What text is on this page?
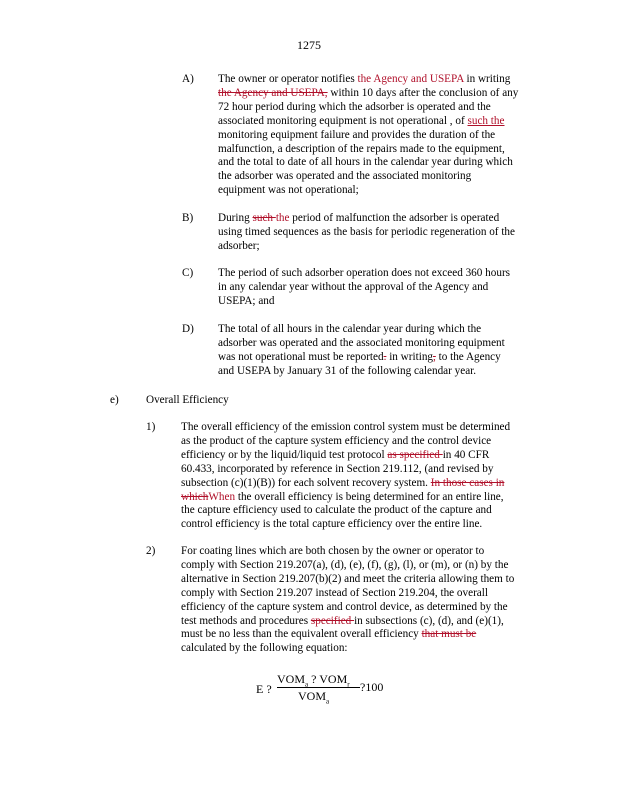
1275
A) The owner or operator notifies the Agency and USEPA in writing
the Agency and USEPA, within 10 days after the conclusion of any
72 hour period during which the adsorber is operated and the
associated monitoring equipment is not operational , of such the
monitoring equipment failure and provides the duration of the
malfunction, a description of the repairs made to the equipment,
and the total to date of all hours in the calendar year during which
the adsorber was operated and the associated monitoring
equipment was not operational;
B) During such the period of malfunction the adsorber is operated
using timed sequences as the basis for periodic regeneration of the
adsorber;
C) The period of such adsorber operation does not exceed 360 hours
in any calendar year without the approval of the Agency and
USEPA; and
D) The total of all hours in the calendar year during which the
adsorber was operated and the associated monitoring equipment
was not operational must be reported. in writing, to the Agency
and USEPA by January 31 of the following calendar year.
e) Overall Efficiency
1) The overall efficiency of the emission control system must be determined
as the product of the capture system efficiency and the control device
efficiency or by the liquid/liquid test protocol as specified in 40 CFR
60.433, incorporated by reference in Section 219.112, (and revised by
subsection (c)(1)(B)) for each solvent recovery system. In those cases in
whichWhen the overall efficiency is being determined for an entire line,
the capture efficiency used to calculate the product of the capture and
control efficiency is the total capture efficiency over the entire line.
2) For coating lines which are both chosen by the owner or operator to
comply with Section 219.207(a), (d), (e), (f), (g), (l), or (m), or (n) by the
alternative in Section 219.207(b)(2) and meet the criteria allowing them to
comply with Section 219.207 instead of Section 219.204, the overall
efficiency of the capture system and control device, as determined by the
test methods and procedures specified in subsections (c), (d), and (e)(1),
must be no less than the equivalent overall efficiency that must be
calculated by the following equation:
E ?
$VOM_a$ ? $VOM_r$ ?100
$VOM_a$
